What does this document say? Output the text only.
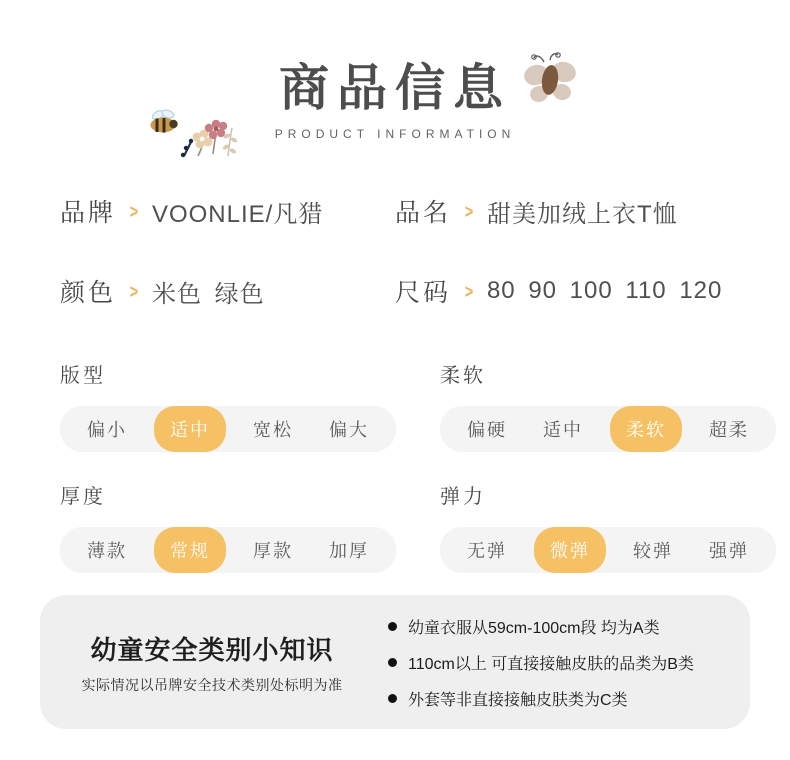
商品信息
PRODUCT INFORMATION
品牌 > VOONLIE/凡猎	品名 > 甜美加绒上衣T恤
颜色 > 米色 绿色	尺码 > 80 90 100 110 120
版型
偏小	适中	宽松 偏大
柔软
偏硬 适中	柔软	超柔
厚度
薄款	常规	厚款 加厚
弹力
无弹	微弹	较弹 强弹
幼童安全类别小知识
实际情况以吊牌安全技术类别处标明为准
幼童衣服从59cm-100cm段 均为A类
110cm以上 可直接接触皮肤的品类为B类
外套等非直接接触皮肤类为C类
